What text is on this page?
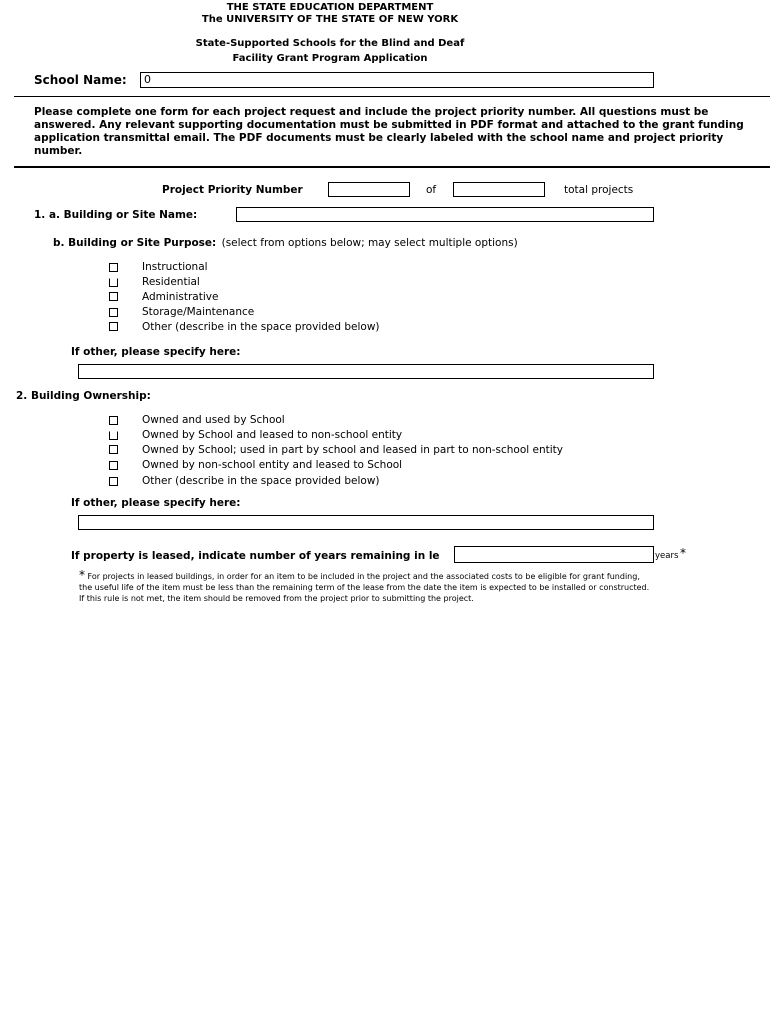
THE STATE EDUCATION DEPARTMENT
The UNIVERSITY OF THE STATE OF NEW YORK
State-Supported Schools for the Blind and Deaf
Facility Grant Program Application
School Name:	0
Please complete one form for each project request and include the project priority number. All questions must be answered. Any relevant supporting documentation must be submitted in PDF format and attached to the grant funding application transmittal email. The PDF documents must be clearly labeled with the school name and project priority number.
Project Priority Number	of	total projects
1. a. Building or Site Name:
b. Building or Site Purpose: (select from options below; may select multiple options)
Instructional
Residential
Administrative
Storage/Maintenance
Other (describe in the space provided below)
If other, please specify here:
2. Building Ownership:
Owned and used by School
Owned by School and leased to non-school entity
Owned by School; used in part by school and leased in part to non-school entity
Owned by non-school entity and leased to School
Other (describe in the space provided below)
If other, please specify here:
If property is leased, indicate number of years remaining in le	years *
* For projects in leased buildings, in order for an item to be included in the project and the associated costs to be eligible for grant funding, the useful life of the item must be less than the remaining term of the lease from the date the item is expected to be installed or constructed. If this rule is not met, the item should be removed from the project prior to submitting the project.
